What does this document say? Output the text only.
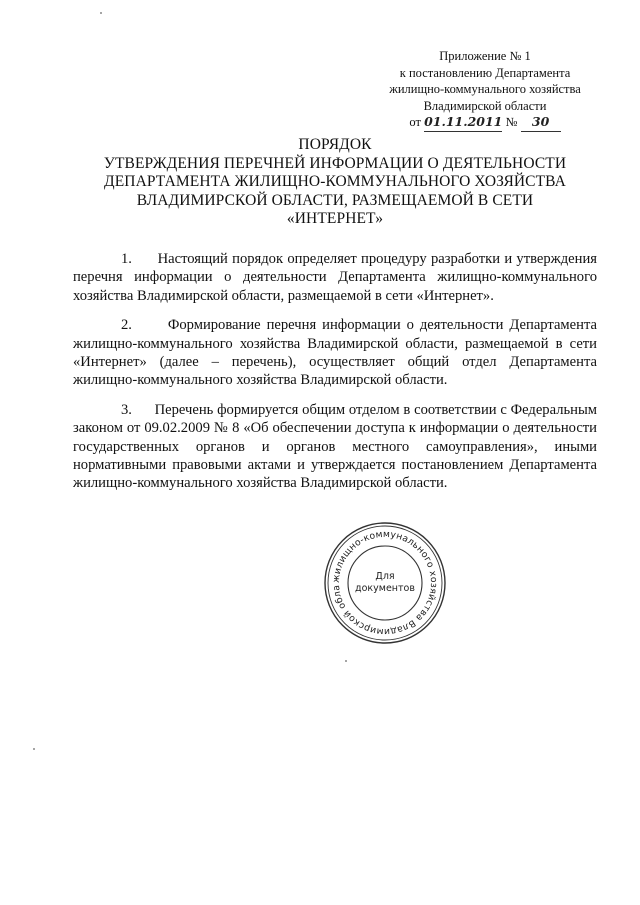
Приложение № 1
к постановлению Департамента
жилищно-коммунального хозяйства
Владимирской области
от 01.11.2011 № 30
ПОРЯДОК
УТВЕРЖДЕНИЯ ПЕРЕЧНЕЙ ИНФОРМАЦИИ О ДЕЯТЕЛЬНОСТИ
ДЕПАРТАМЕНТА ЖИЛИЩНО-КОММУНАЛЬНОГО ХОЗЯЙСТВА
ВЛАДИМИРСКОЙ ОБЛАСТИ, РАЗМЕЩАЕМОЙ В СЕТИ
«ИНТЕРНЕТ»

1. Настоящий порядок определяет процедуру разработки и утверждения перечня информации о деятельности Департамента жилищно-коммунального хозяйства Владимирской области, размещаемой в сети «Интернет».

2. Формирование перечня информации о деятельности Департамента жилищно-коммунального хозяйства Владимирской области, размещаемой в сети «Интернет» (далее – перечень), осуществляет общий отдел Департамента жилищно-коммунального хозяйства Владимирской области.

3. Перечень формируется общим отделом в соответствии с Федеральным законом от 09.02.2009 № 8 «Об обеспечении доступа к информации о деятельности государственных органов и органов местного самоуправления», иными нормативными правовыми актами и утверждается постановлением Департамента жилищно-коммунального хозяйства Владимирской области.

жилищно-коммунального хозяйства Владимирской обла
Для
документов
